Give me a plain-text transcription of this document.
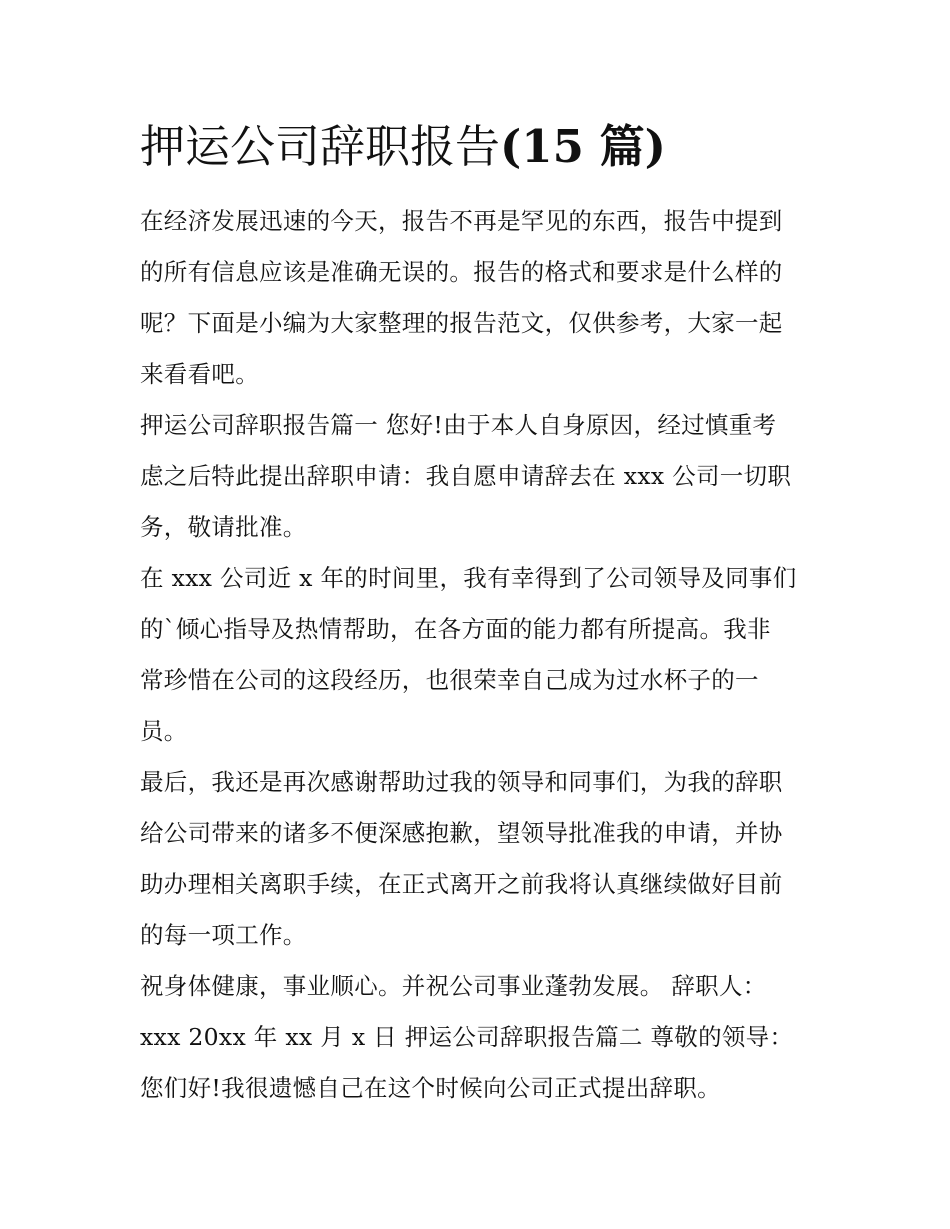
押运公司辞职报告(15 篇)
在经济发展迅速的今天，报告不再是罕见的东西，报告中提到
的所有信息应该是准确无误的。报告的格式和要求是什么样的
呢？下面是小编为大家整理的报告范文，仅供参考，大家一起
来看看吧。
押运公司辞职报告篇一 您好!由于本人自身原因，经过慎重考
虑之后特此提出辞职申请：我自愿申请辞去在 xxx 公司一切职
务，敬请批准。
在 xxx 公司近 x 年的时间里，我有幸得到了公司领导及同事们
的`倾心指导及热情帮助，在各方面的能力都有所提高。我非
常珍惜在公司的这段经历，也很荣幸自己成为过水杯子的一
员。
最后，我还是再次感谢帮助过我的领导和同事们，为我的辞职
给公司带来的诸多不便深感抱歉，望领导批准我的申请，并协
助办理相关离职手续，在正式离开之前我将认真继续做好目前
的每一项工作。
祝身体健康，事业顺心。并祝公司事业蓬勃发展。 辞职人：
xxx 20xx 年 xx 月 x 日 押运公司辞职报告篇二 尊敬的领导：
您们好!我很遗憾自己在这个时候向公司正式提出辞职。
